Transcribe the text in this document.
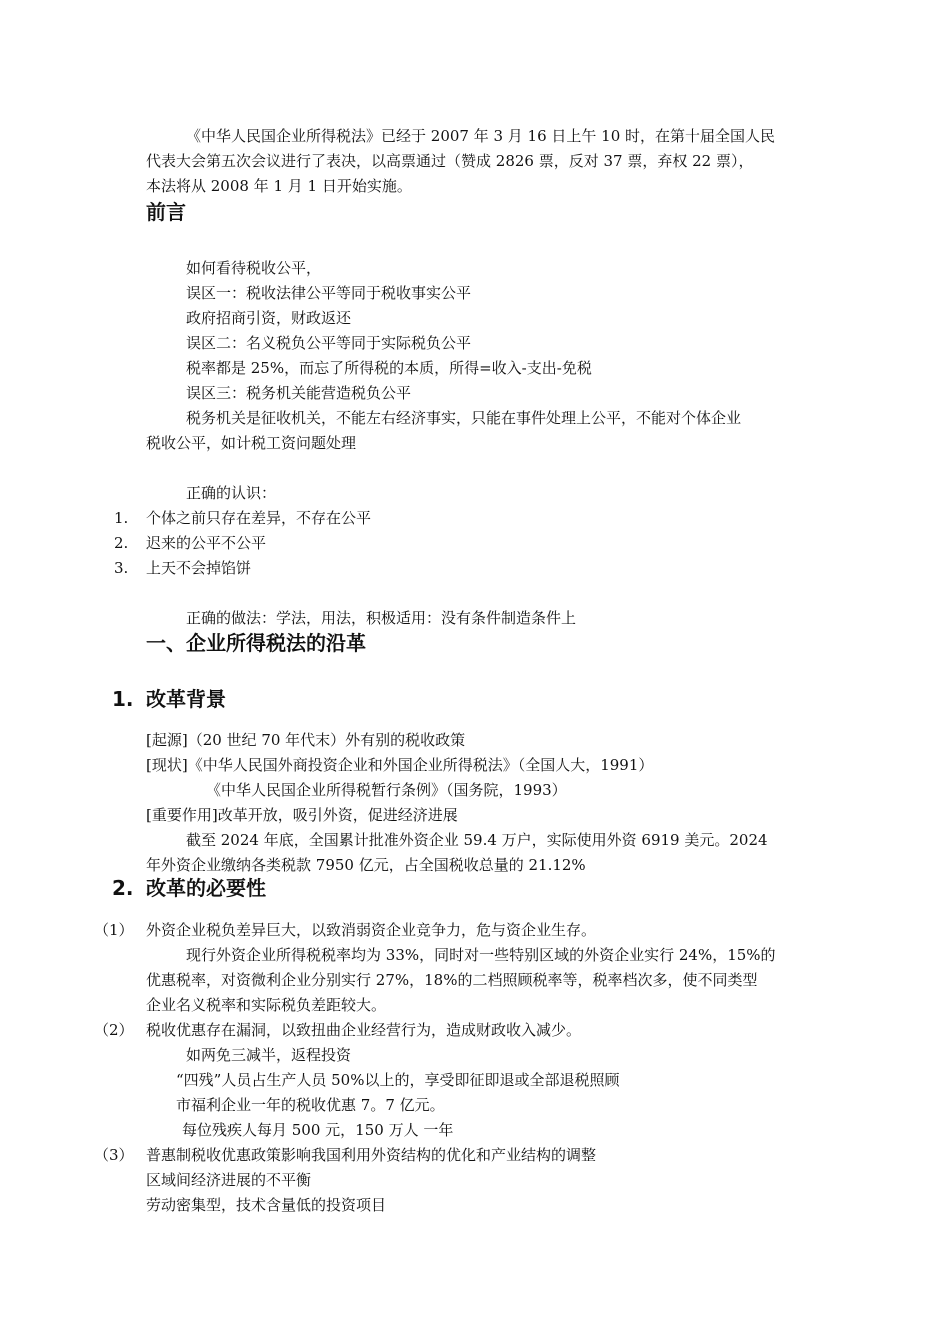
《中华人民国企业所得税法》已经于 2007 年 3 月 16 日上午 10 时，在第十届全国人民
代表大会第五次会议进行了表决，以高票通过（赞成 2826 票，反对 37 票，弃权 22 票），
本法将从 2008 年 1 月 1 日开始实施。
前言
如何看待税收公平，
误区一：税收法律公平等同于税收事实公平
政府招商引资，财政返还
误区二：名义税负公平等同于实际税负公平
税率都是 25%，而忘了所得税的本质，所得=收入-支出-免税
误区三：税务机关能营造税负公平
税务机关是征收机关，不能左右经济事实，只能在事件处理上公平，不能对个体企业
税收公平，如计税工资问题处理
正确的认识：
1. 个体之前只存在差异，不存在公平
2. 迟来的公平不公平
3. 上天不会掉馅饼
正确的做法：学法，用法，积极适用：没有条件制造条件上
一、企业所得税法的沿革
1. 改革背景
[起源]（20 世纪 70 年代末）外有别的税收政策
[现状]《中华人民国外商投资企业和外国企业所得税法》（全国人大，1991）
《中华人民国企业所得税暂行条例》（国务院，1993）
[重要作用]改革开放，吸引外资，促进经济进展
截至 2024 年底，全国累计批准外资企业 59.4 万户，实际使用外资 6919 美元。2024
年外资企业缴纳各类税款 7950 亿元，占全国税收总量的 21.12%
2. 改革的必要性
（1） 外资企业税负差异巨大，以致消弱资企业竞争力，危与资企业生存。
现行外资企业所得税税率均为 33%，同时对一些特别区域的外资企业实行 24%，15%的
优惠税率，对资微利企业分别实行 27%，18%的二档照顾税率等，税率档次多，使不同类型
企业名义税率和实际税负差距较大。
（2） 税收优惠存在漏洞，以致扭曲企业经营行为，造成财政收入减少。
如两免三减半，返程投资
“四残”人员占生产人员 50%以上的，享受即征即退或全部退税照顾
市福利企业一年的税收优惠 7。7 亿元。
每位残疾人每月 500 元，150 万人 一年
（3） 普惠制税收优惠政策影响我国利用外资结构的优化和产业结构的调整
区域间经济进展的不平衡
劳动密集型，技术含量低的投资项目
